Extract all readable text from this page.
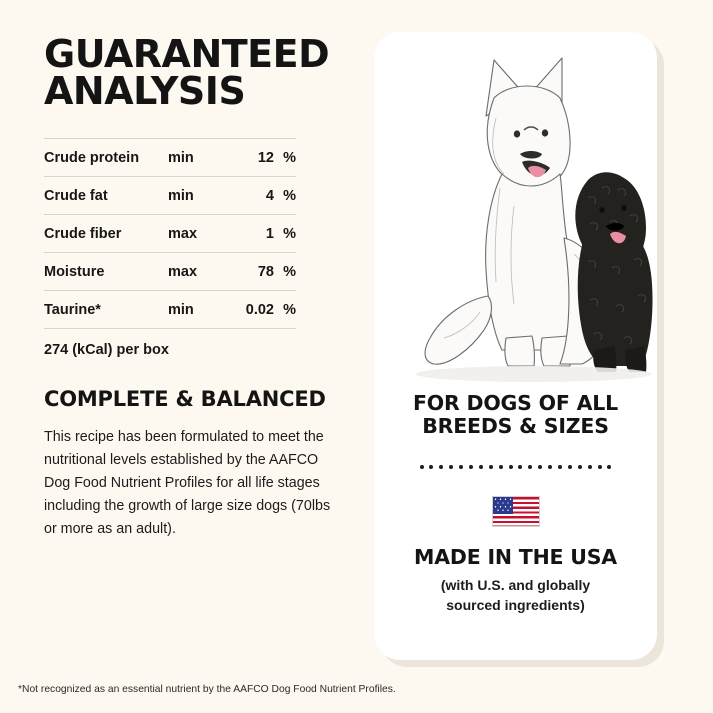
GUARANTEED
ANALYSIS
Crude protein	min	12 %
Crude fat	min	4 %
Crude fiber	max	1 %
Moisture	max	78 %
Taurine*	min	0.02 %
274 (kCal) per box
COMPLETE & BALANCED

This recipe has been formulated to meet the nutritional levels established by the AAFCO Dog Food Nutrient Profiles for all life stages including the growth of large size dogs (70lbs or more as an adult).

*Not recognized as an essential nutrient by the AAFCO Dog Food Nutrient Profiles.
FOR DOGS OF ALL
BREEDS & SIZES
MADE IN THE USA
(with U.S. and globally
sourced ingredients)
